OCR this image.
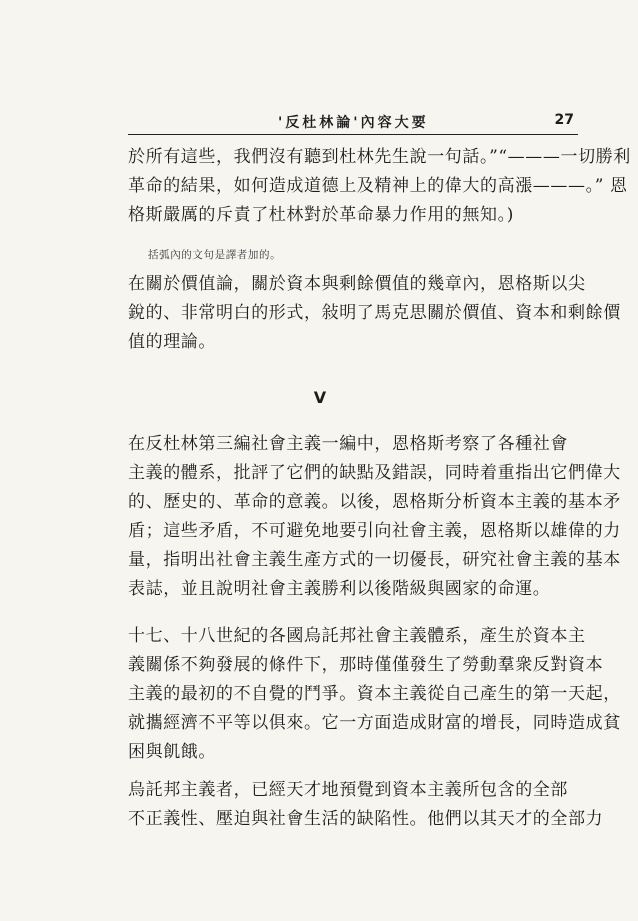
'反杜林論'內容大要	27

於所有這些，我們沒有聽到杜林先生說一句話。”“———一切勝利
革命的結果，如何造成道德上及精神上的偉大的高漲———。” 恩
格斯嚴厲的斥責了杜林對於革命暴力作用的無知。)

括弧內的文句是譯者加的。

在關於價值論，關於資本與剩餘價值的幾章內，恩格斯以尖
銳的、非常明白的形式，敍明了馬克思關於價值、資本和剩餘價
值的理論。

V

在反杜林第三編社會主義一編中，恩格斯考察了各種社會
主義的體系，批評了它們的缺點及錯誤，同時着重指出它們偉大
的、歷史的、革命的意義。以後，恩格斯分析資本主義的基本矛
盾；這些矛盾，不可避免地要引向社會主義，恩格斯以雄偉的力
量，指明出社會主義生產方式的一切優長，研究社會主義的基本
表誌，並且說明社會主義勝利以後階級與國家的命運。

十七、十八世紀的各國烏託邦社會主義體系，產生於資本主
義關係不夠發展的條件下，那時僅僅發生了勞動羣衆反對資本
主義的最初的不自覺的鬥爭。資本主義從自己產生的第一天起，
就攜經濟不平等以俱來。它一方面造成財富的增長，同時造成貧
困與飢餓。

烏託邦主義者，已經天才地預覺到資本主義所包含的全部
不正義性、壓迫與社會生活的缺陷性。他們以其天才的全部力
